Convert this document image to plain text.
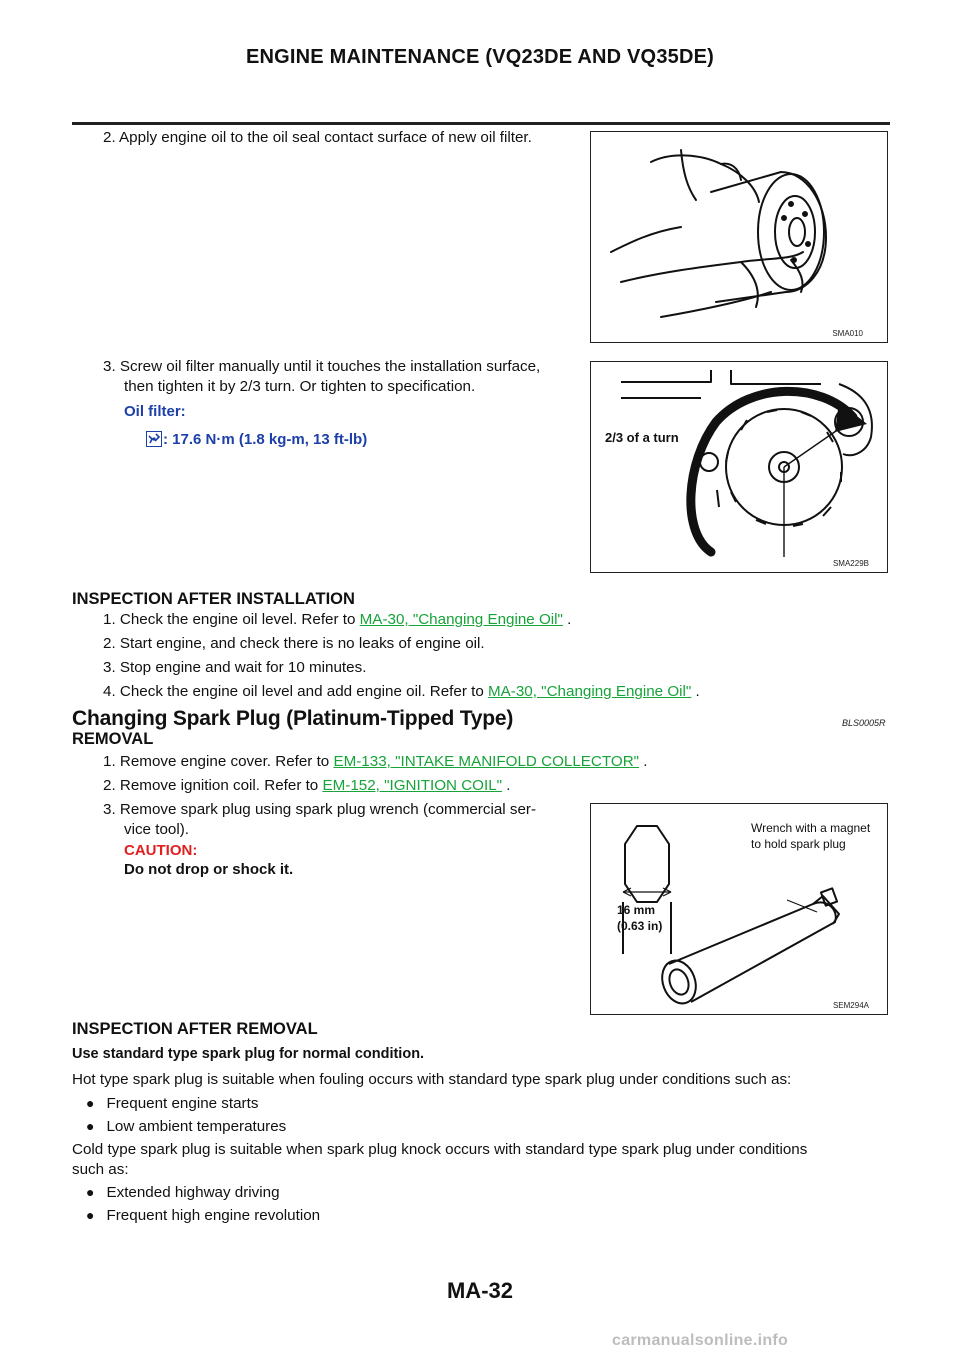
ENGINE MAINTENANCE (VQ23DE AND VQ35DE)
2. Apply engine oil to the oil seal contact surface of new oil filter.
SMA010
3. Screw oil filter manually until it touches the installation surface,
then tighten it by 2/3 turn. Or tighten to specification.
Oil filter:
: 17.6 N·m (1.8 kg-m, 13 ft-lb)	2/3 of a turn
SMA229B
INSPECTION AFTER INSTALLATION
1. Check the engine oil level. Refer to MA-30, "Changing Engine Oil" .
2. Start engine, and check there is no leaks of engine oil.
3. Stop engine and wait for 10 minutes.
4. Check the engine oil level and add engine oil. Refer to MA-30, "Changing Engine Oil" .
Changing Spark Plug (Platinum-Tipped Type)	BLS0005R
REMOVAL
1. Remove engine cover. Refer to EM-133, "INTAKE MANIFOLD COLLECTOR" .
2. Remove ignition coil. Refer to EM-152, "IGNITION COIL" .
3. Remove spark plug using spark plug wrench (commercial ser-
vice tool).
CAUTION:
Do not drop or shock it.
Wrench with a magnet
to hold spark plug
16 mm
(0.63 in)
SEM294A
INSPECTION AFTER REMOVAL
Use standard type spark plug for normal condition.
Hot type spark plug is suitable when fouling occurs with standard type spark plug under conditions such as:
● Frequent engine starts
● Low ambient temperatures
Cold type spark plug is suitable when spark plug knock occurs with standard type spark plug under conditions
such as:
● Extended highway driving
● Frequent high engine revolution
MA-32
carmanualsonline.info
